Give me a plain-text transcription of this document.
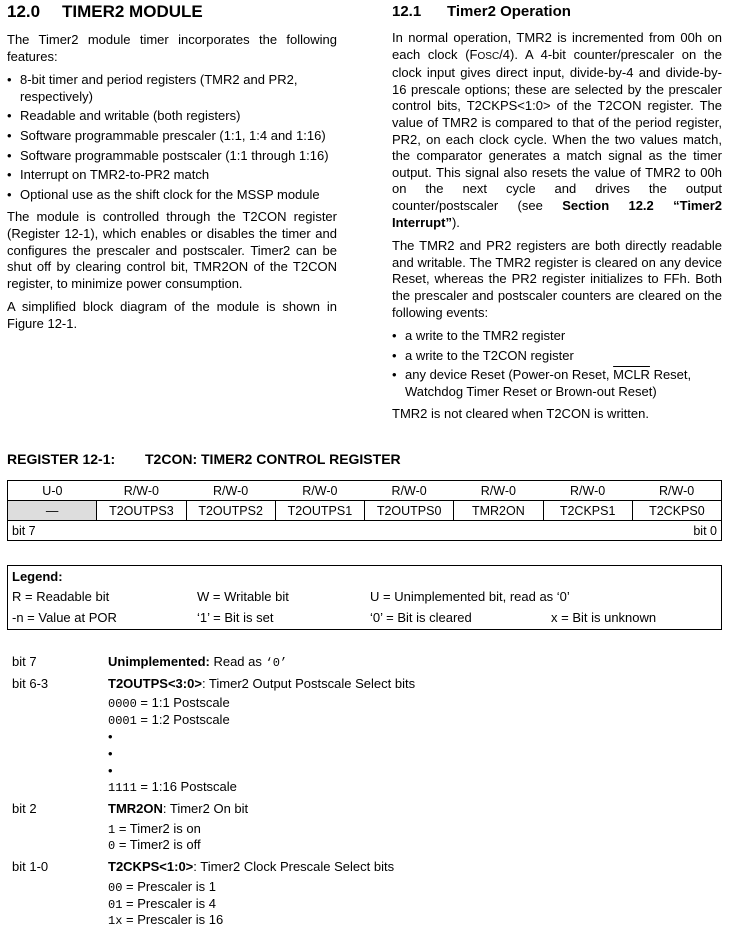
12.0 TIMER2 MODULE

The Timer2 module timer incorporates the following features:

• 8-bit timer and period registers (TMR2 and PR2, respectively)
• Readable and writable (both registers)
• Software programmable prescaler (1:1, 1:4 and 1:16)
• Software programmable postscaler (1:1 through 1:16)
• Interrupt on TMR2-to-PR2 match
• Optional use as the shift clock for the MSSP module

The module is controlled through the T2CON register (Register 12-1), which enables or disables the timer and configures the prescaler and postscaler. Timer2 can be shut off by clearing control bit, TMR2ON of the T2CON register, to minimize power consumption.

A simplified block diagram of the module is shown in Figure 12-1.

12.1 Timer2 Operation

In normal operation, TMR2 is incremented from 00h on each clock (FOSC/4). A 4-bit counter/prescaler on the clock input gives direct input, divide-by-4 and divide-by-16 prescale options; these are selected by the prescaler control bits, T2CKPS<1:0> of the T2CON register. The value of TMR2 is compared to that of the period register, PR2, on each clock cycle. When the two values match, the comparator generates a match signal as the timer output. This signal also resets the value of TMR2 to 00h on the next cycle and drives the output counter/postscaler (see Section 12.2 “Timer2 Interrupt”).

The TMR2 and PR2 registers are both directly readable and writable. The TMR2 register is cleared on any device Reset, whereas the PR2 register initializes to FFh. Both the prescaler and postscaler counters are cleared on the following events:

• a write to the TMR2 register
• a write to the T2CON register
• any device Reset (Power-on Reset, MCLR Reset, Watchdog Timer Reset or Brown-out Reset)

TMR2 is not cleared when T2CON is written.

REGISTER 12-1: T2CON: TIMER2 CONTROL REGISTER
U-0	R/W-0	R/W-0	R/W-0	R/W-0	R/W-0	R/W-0	R/W-0
—	T2OUTPS3	T2OUTPS2	T2OUTPS1	T2OUTPS0	TMR2ON	T2CKPS1	T2CKPS0
bit 7				bit 0			
Legend:
R = Readable bit	W = Writable bit	U = Unimplemented bit, read as ‘0’
-n = Value at POR	‘1’ = Bit is set	‘0’ = Bit is cleared	x = Bit is unknown
bit 7	Unimplemented: Read as ‘0’
bit 6-3	T2OUTPS<3:0>: Timer2 Output Postscale Select bits
0000 = 1:1 Postscale
0001 = 1:2 Postscale
•
•
•
1111 = 1:16 Postscale
bit 2	TMR2ON: Timer2 On bit
1 = Timer2 is on
0 = Timer2 is off
bit 1-0	T2CKPS<1:0>: Timer2 Clock Prescale Select bits
00 = Prescaler is 1
01 = Prescaler is 4
1x = Prescaler is 16
